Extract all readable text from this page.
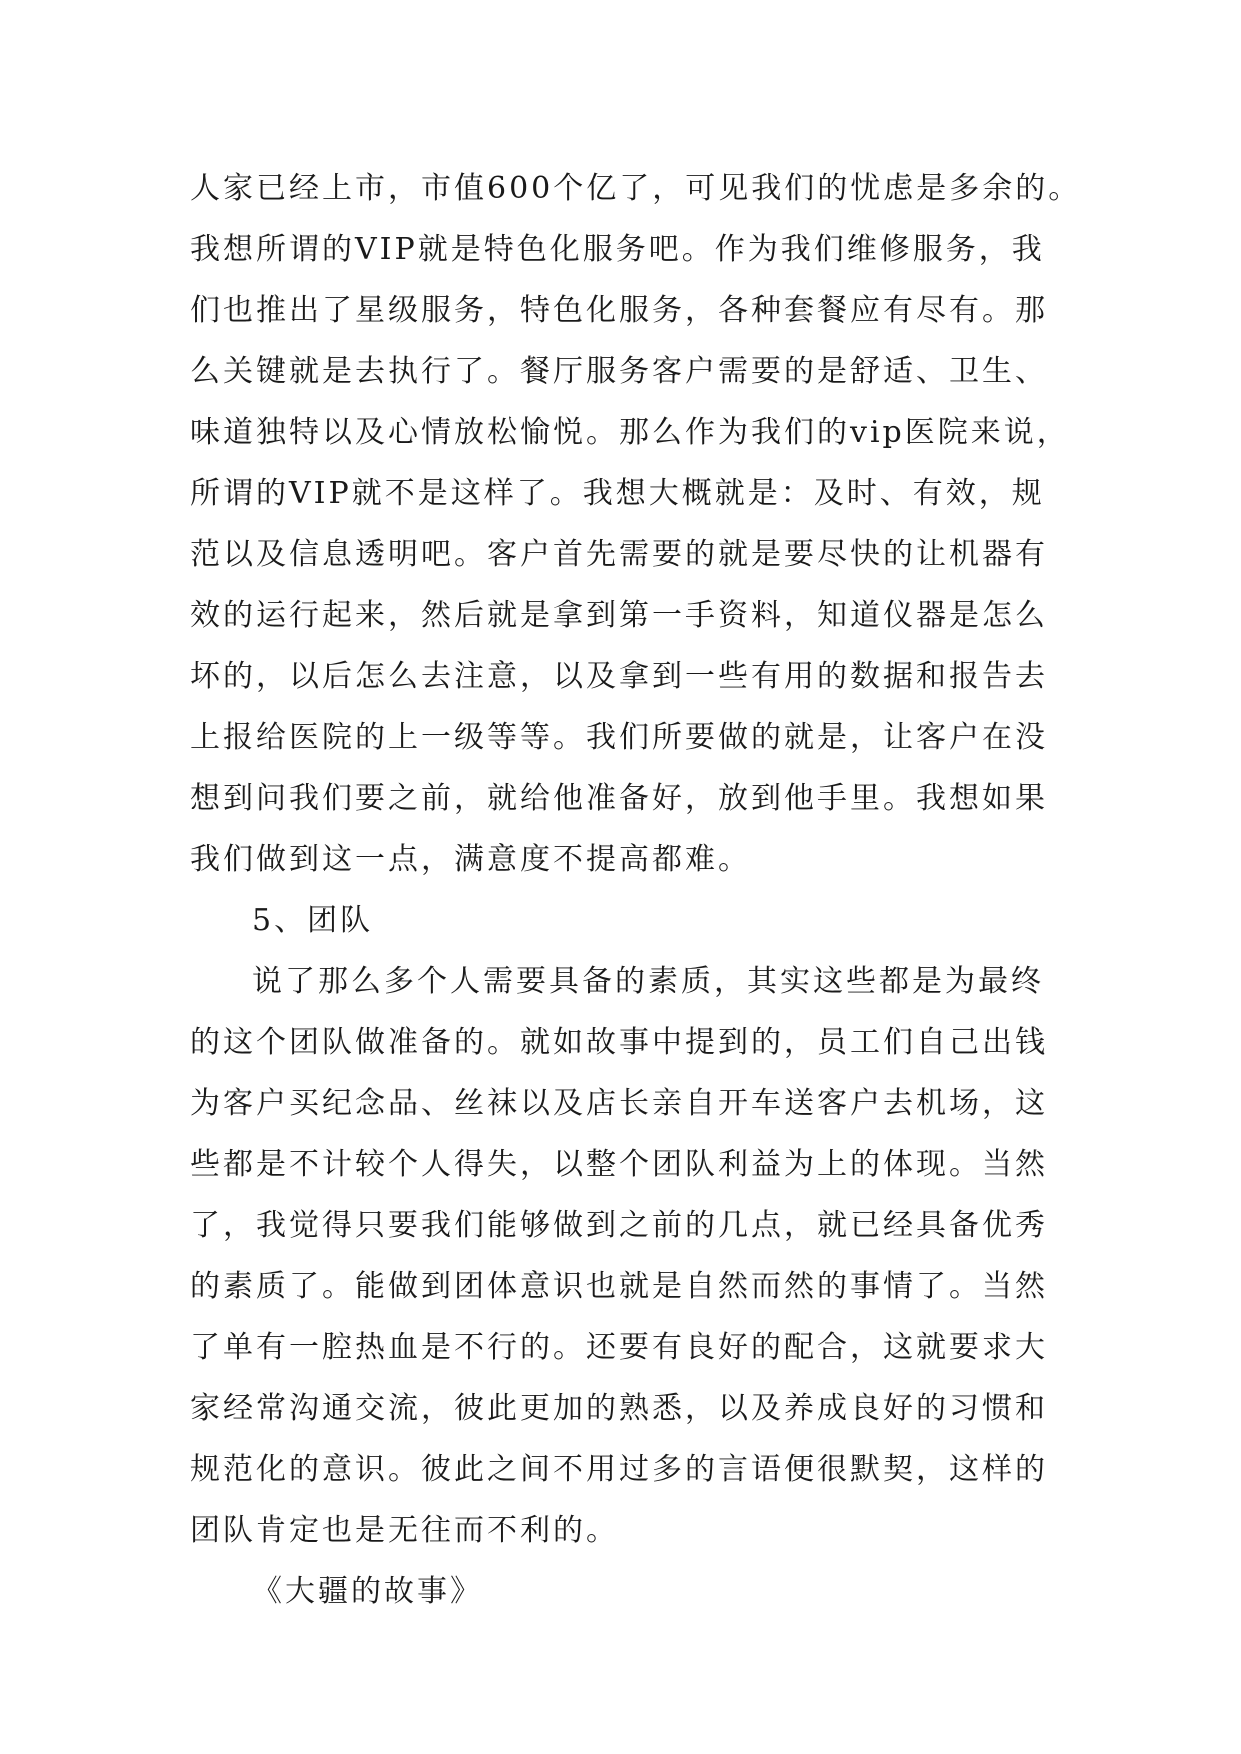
人家已经上市，市值600个亿了，可见我们的忧虑是多余的。
我想所谓的VIP就是特色化服务吧。作为我们维修服务，我
们也推出了星级服务，特色化服务，各种套餐应有尽有。那
么关键就是去执行了。餐厅服务客户需要的是舒适、卫生、
味道独特以及心情放松愉悦。那么作为我们的vip医院来说，
所谓的VIP就不是这样了。我想大概就是：及时、有效，规
范以及信息透明吧。客户首先需要的就是要尽快的让机器有
效的运行起来，然后就是拿到第一手资料，知道仪器是怎么
坏的，以后怎么去注意，以及拿到一些有用的数据和报告去
上报给医院的上一级等等。我们所要做的就是，让客户在没
想到问我们要之前，就给他准备好，放到他手里。我想如果
我们做到这一点，满意度不提高都难。
5、团队
说了那么多个人需要具备的素质，其实这些都是为最终
的这个团队做准备的。就如故事中提到的，员工们自己出钱
为客户买纪念品、丝袜以及店长亲自开车送客户去机场，这
些都是不计较个人得失，以整个团队利益为上的体现。当然
了，我觉得只要我们能够做到之前的几点，就已经具备优秀
的素质了。能做到团体意识也就是自然而然的事情了。当然
了单有一腔热血是不行的。还要有良好的配合，这就要求大
家经常沟通交流，彼此更加的熟悉，以及养成良好的习惯和
规范化的意识。彼此之间不用过多的言语便很默契，这样的
团队肯定也是无往而不利的。
《大疆的故事》
